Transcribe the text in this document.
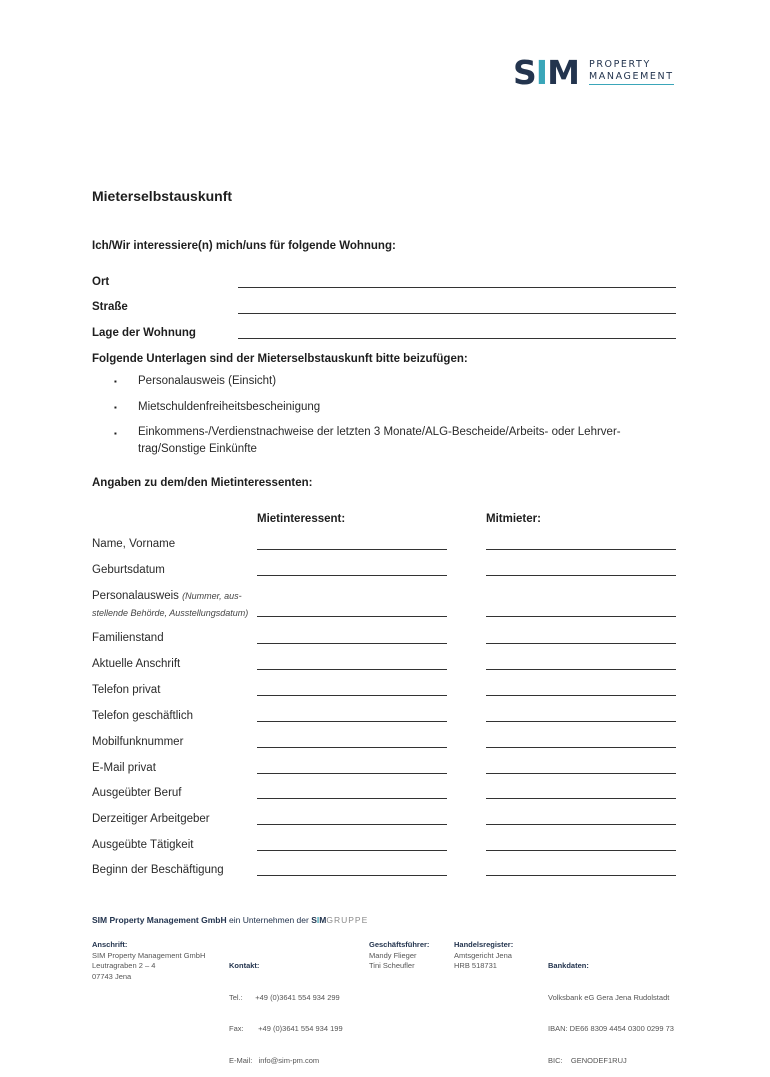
SIM PROPERTY
MANAGEMENT
Mieterselbstauskunft
Ich/Wir interessiere(n) mich/uns für folgende Wohnung:
Ort
Straße
Lage der Wohnung
Folgende Unterlagen sind der Mieterselbstauskunft bitte beizufügen:
▪ Personalausweis (Einsicht)
▪ Mietschuldenfreiheitsbescheinigung
▪ Einkommens-/Verdienstnachweise der letzten 3 Monate/ALG-Bescheide/Arbeits- oder Lehrver-trag/Sonstige Einkünfte
Angaben zu dem/den Mietinteressenten:
Mietinteressent:	Mitmieter:
Name, Vorname
Geburtsdatum
stellende Behörde, Ausstellungsdatum)
Personalausweis (Nummer, aus-
Familienstand
Aktuelle Anschrift
Telefon privat
Telefon geschäftlich
Mobilfunknummer
E-Mail privat
Ausgeübter Beruf
Derzeitiger Arbeitgeber
Ausgeübte Tätigkeit
Beginn der Beschäftigung
SIM Property Management GmbH ein Unternehmen der SIMGRUPPE
Anschrift:
SIM Property Management GmbH
Leutragraben 2 – 4
07743 Jena

Kontakt:

Tel.:      +49 (0)3641 554 934 299

Fax:       +49 (0)3641 554 934 199

E-Mail:   info@sim-pm.com

Geschäftsführer:
Mandy Flieger
Tini Scheufler
Handelsregister:
Amtsgericht Jena
HRB 518731

	Bankdaten:

Volksbank eG Gera Jena Rudolstadt

IBAN: DE66 8309 4454 0300 0299 73

BIC:    GENODEF1RUJ
